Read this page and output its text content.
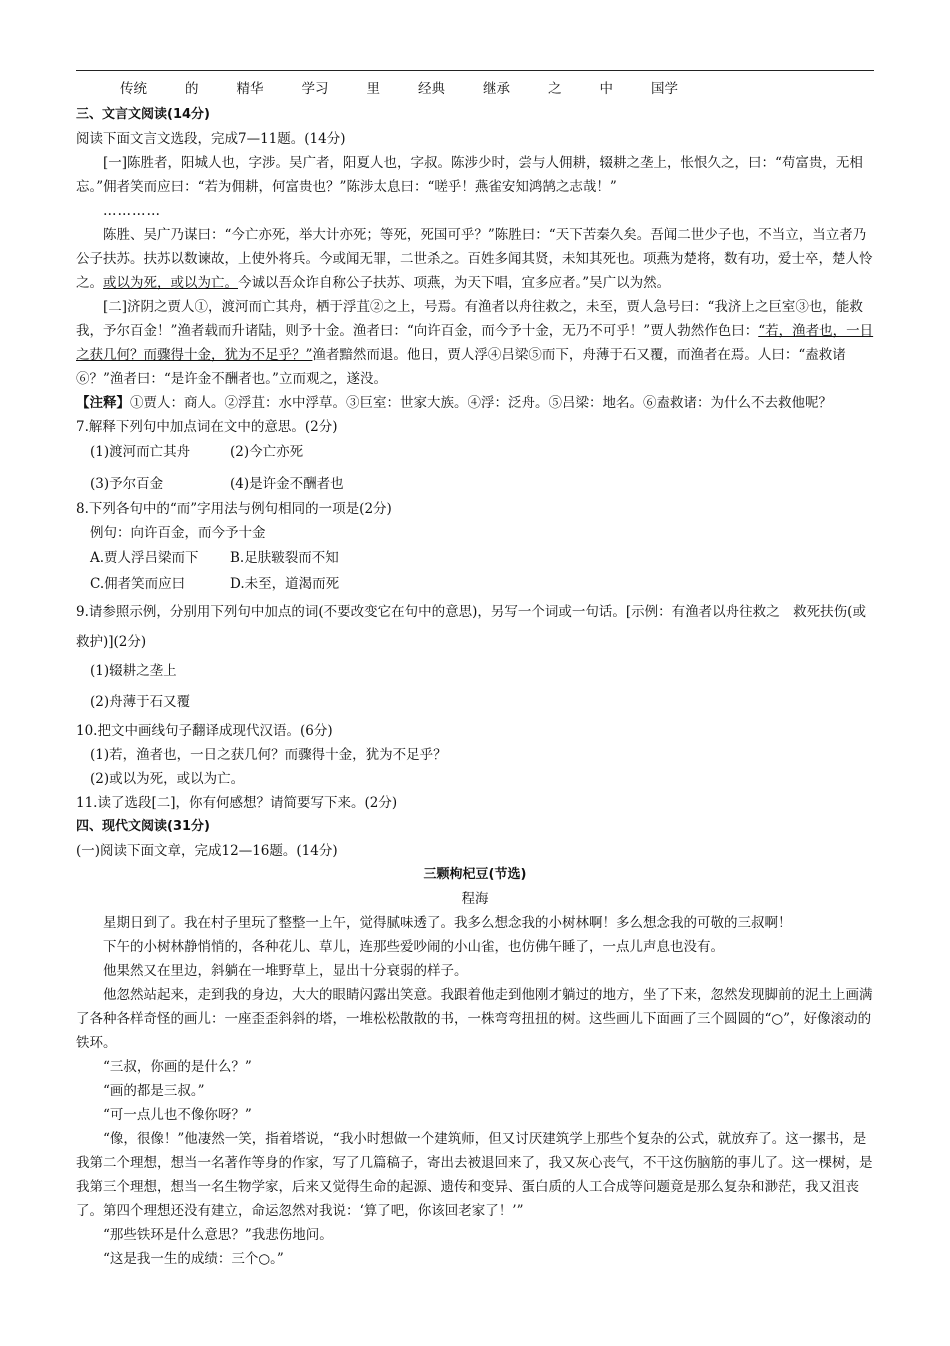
传统	的	精华	学习	里	经典	继承	之	中	国学

三、文言文阅读(14分)

阅读下面文言文选段，完成7—11题。(14分)

[一]陈胜者，阳城人也，字涉。吴广者，阳夏人也，字叔。陈涉少时，尝与人佣耕，辍耕之垄上，怅恨久之，曰：“苟富贵，无相忘。”佣者笑而应曰：“若为佣耕，何富贵也？”陈涉太息曰：“嗟乎！燕雀安知鸿鹄之志哉！”

…………

陈胜、吴广乃谋曰：“今亡亦死，举大计亦死；等死，死国可乎？”陈胜曰：“天下苦秦久矣。吾闻二世少子也，不当立，当立者乃公子扶苏。扶苏以数谏故，上使外将兵。今或闻无罪，二世杀之。百姓多闻其贤，未知其死也。项燕为楚将，数有功，爱士卒，楚人怜之。或以为死，或以为亡。今诚以吾众诈自称公子扶苏、项燕，为天下唱，宜多应者。”吴广以为然。

[二]济阴之贾人①，渡河而亡其舟，栖于浮苴②之上，号焉。有渔者以舟往救之，未至，贾人急号曰：“我济上之巨室③也，能救我，予尔百金！”渔者载而升诸陆，则予十金。渔者曰：“向许百金，而今予十金，无乃不可乎！”贾人勃然作色曰：“若，渔者也，一日之获几何？而骤得十金，犹为不足乎？”渔者黯然而退。他日，贾人浮④吕梁⑤而下，舟薄于石又覆，而渔者在焉。人曰：“盍救诸⑥？”渔者曰：“是许金不酬者也。”立而观之，遂没。

【注释】①贾人：商人。②浮苴：水中浮草。③巨室：世家大族。④浮：泛舟。⑤吕梁：地名。⑥盍救诸：为什么不去救他呢？

7.解释下列句中加点词在文中的意思。(2分)

(1)渡河而亡其舟	(2)今亡亦死
(3)予尔百金	(4)是许金不酬者也

8.下列各句中的“而”字用法与例句相同的一项是(2分)

例句：向许百金，而今予十金

A.贾人浮吕梁而下	B.足肤皲裂而不知
C.佣者笑而应曰	D.未至，道渴而死

9.请参照示例，分别用下列句中加点的词(不要改变它在句中的意思)，另写一个词或一句话。[示例：有渔者以舟往救之　救死扶伤(或救护)](2分)

(1)辍耕之垄上

(2)舟薄于石又覆

10.把文中画线句子翻译成现代汉语。(6分)

(1)若，渔者也，一日之获几何？而骤得十金，犹为不足乎？

(2)或以为死，或以为亡。

11.读了选段[二]，你有何感想？请简要写下来。(2分)

四、现代文阅读(31分)

(一)阅读下面文章，完成12—16题。(14分)

三颗枸杞豆(节选)

程海

星期日到了。我在村子里玩了整整一上午，觉得腻味透了。我多么想念我的小树林啊！多么想念我的可敬的三叔啊！

下午的小树林静悄悄的，各种花儿、草儿，连那些爱吵闹的小山雀，也仿佛午睡了，一点儿声息也没有。

他果然又在里边，斜躺在一堆野草上，显出十分衰弱的样子。

他忽然站起来，走到我的身边，大大的眼睛闪露出笑意。我跟着他走到他刚才躺过的地方，坐了下来，忽然发现脚前的泥土上画满了各种各样奇怪的画儿：一座歪歪斜斜的塔，一堆松松散散的书，一株弯弯扭扭的树。这些画儿下面画了三个圆圆的“○”，好像滚动的铁环。

“三叔，你画的是什么？”

“画的都是三叔。”

“可一点儿也不像你呀？”

“像，很像！”他凄然一笑，指着塔说，“我小时想做一个建筑师，但又讨厌建筑学上那些个复杂的公式，就放弃了。这一摞书，是我第二个理想，想当一名著作等身的作家，写了几篇稿子，寄出去被退回来了，我又灰心丧气，不干这伤脑筋的事儿了。这一棵树，是我第三个理想，想当一名生物学家，后来又觉得生命的起源、遗传和变异、蛋白质的人工合成等问题竟是那么复杂和渺茫，我又沮丧了。第四个理想还没有建立，命运忽然对我说：‘算了吧，你该回老家了！’”

“那些铁环是什么意思？”我悲伤地问。

“这是我一生的成绩：三个○。”
